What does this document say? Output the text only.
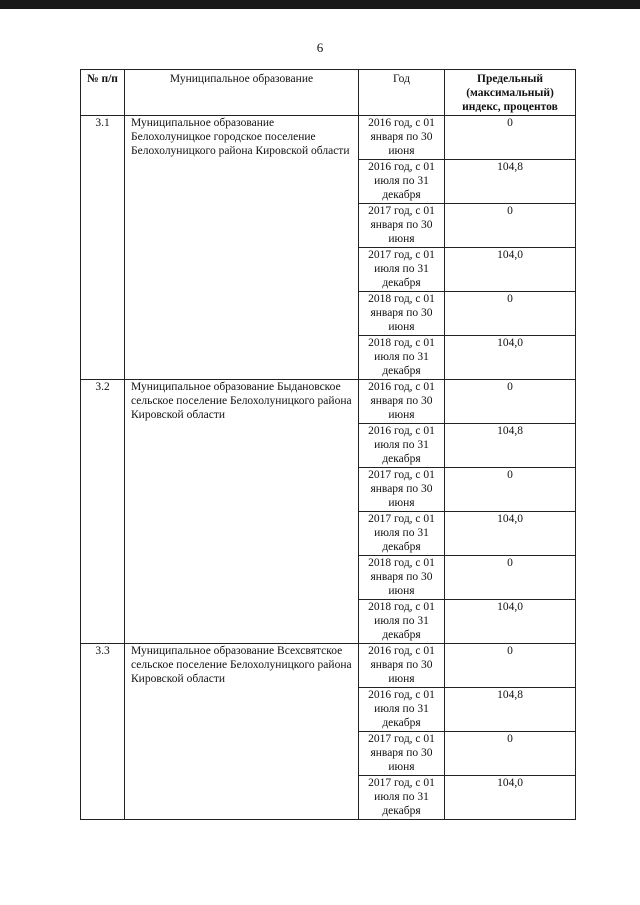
6
№ п/п	Муниципальное образование	Год	Предельный (максимальный) индекс, процентов
3.1	Муниципальное образование Белохолуницкое городское поселение Белохолуницкого района Кировской области	2016 год, с 01 января по 30 июня	0
		2016 год, с 01 июля по 31 декабря	104,8
		2017 год, с 01 января по 30 июня	0
		2017 год, с 01 июля по 31 декабря	104,0
		2018 год, с 01 января по 30 июня	0
		2018 год, с 01 июля по 31 декабря	104,0
3.2	Муниципальное образование Быдановское сельское поселение Белохолуницкого района Кировской области	2016 год, с 01 января по 30 июня	0
		2016 год, с 01 июля по 31 декабря	104,8
		2017 год, с 01 января по 30 июня	0
		2017 год, с 01 июля по 31 декабря	104,0
		2018 год, с 01 января по 30 июня	0
		2018 год, с 01 июля по 31 декабря	104,0
3.3	Муниципальное образование Всехсвятское сельское поселение Белохолуницкого района Кировской области	2016 год, с 01 января по 30 июня	0
		2016 год, с 01 июля по 31 декабря	104,8
		2017 год, с 01 января по 30 июня	0
		2017 год, с 01 июля по 31 декабря	104,0
